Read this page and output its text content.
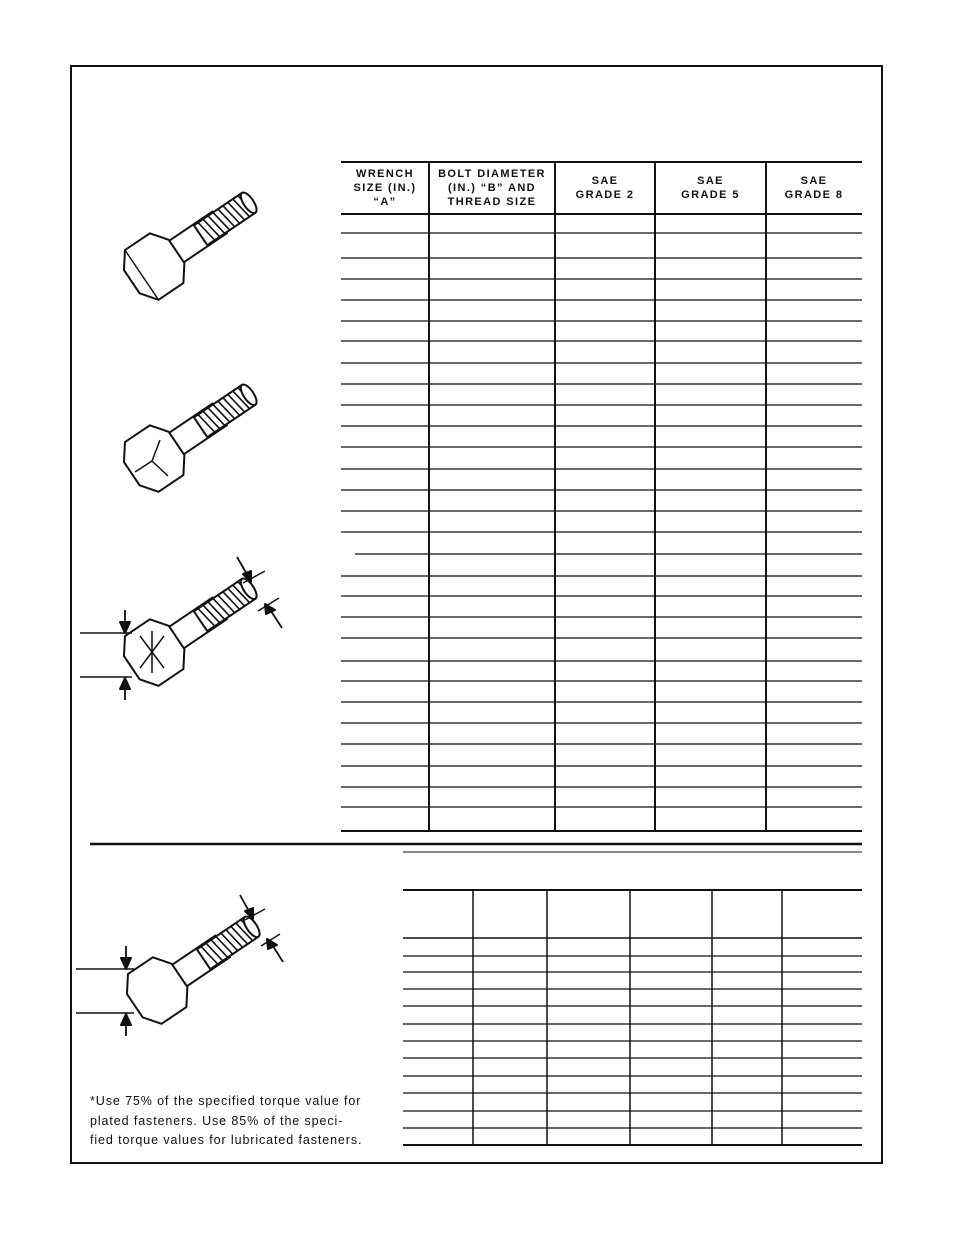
WRENCH
SIZE (IN.) “A”
BOLT DIAMETER
(IN.) “B” AND
THREAD SIZE
SAE
GRADE 2
SAE
GRADE 5
SAE
GRADE 8
*Use 75% of the specified torque value for
plated fasteners. Use 85% of the speci-
fied torque values for lubricated fasteners.
